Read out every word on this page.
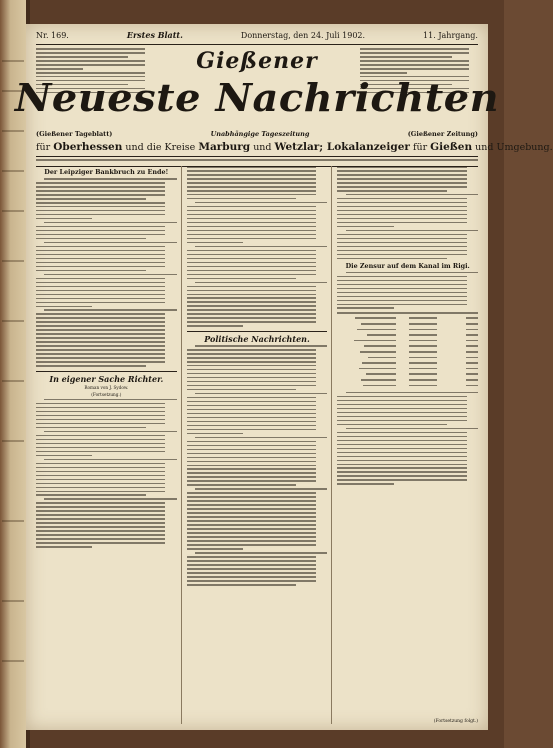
Nr. 169.	Erstes Blatt.	Donnerstag, den 24. Juli 1902.	11. Jahrgang.
Gießener
Neueste Nachrichten
(Gießener Tageblatt)	Unabhängige Tageszeitung	(Gießener Zeitung)
für Oberhessen und die Kreise Marburg und Wetzlar; Lokalanzeiger für Gießen und Umgebung.
Der Leipziger Bankbruch zu Ende!
In eigener Sache Richter.
Roman von J. Sydow.
(Fortsetzung.)
Politische Nachrichten.
Die Zensur auf dem Kanal im Rigi.
(Fortsetzung folgt.)
